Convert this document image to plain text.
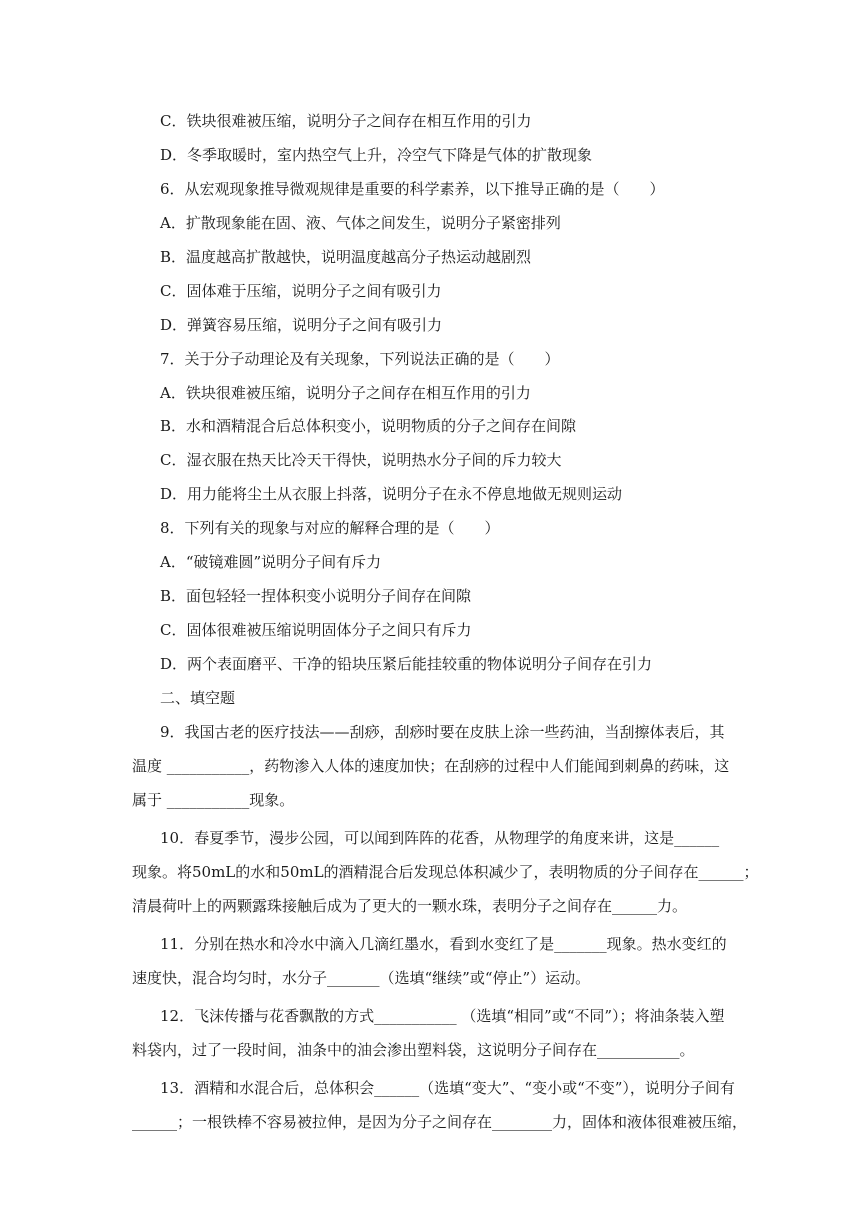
C．铁块很难被压缩，说明分子之间存在相互作用的引力
D．冬季取暖时，室内热空气上升，冷空气下降是气体的扩散现象
6．从宏观现象推导微观规律是重要的科学素养，以下推导正确的是（　　）
A．扩散现象能在固、液、气体之间发生，说明分子紧密排列
B．温度越高扩散越快，说明温度越高分子热运动越剧烈
C．固体难于压缩，说明分子之间有吸引力
D．弹簧容易压缩，说明分子之间有吸引力
7．关于分子动理论及有关现象，下列说法正确的是（　　）
A．铁块很难被压缩，说明分子之间存在相互作用的引力
B．水和酒精混合后总体积变小，说明物质的分子之间存在间隙
C．湿衣服在热天比冷天干得快，说明热水分子间的斥力较大
D．用力能将尘土从衣服上抖落，说明分子在永不停息地做无规则运动
8．下列有关的现象与对应的解释合理的是（　　）
A．“破镜难圆”说明分子间有斥力
B．面包轻轻一捏体积变小说明分子间存在间隙
C．固体很难被压缩说明固体分子之间只有斥力
D．两个表面磨平、干净的铅块压紧后能挂较重的物体说明分子间存在引力
二、填空题
9．我国古老的医疗技法——刮痧，刮痧时要在皮肤上涂一些药油，当刮擦体表后，其
温度 ___________，药物渗入人体的速度加快；在刮痧的过程中人们能闻到刺鼻的药味，这
属于 ___________现象。
10．春夏季节，漫步公园，可以闻到阵阵的花香，从物理学的角度来讲，这是______
现象。将50mL的水和50mL的酒精混合后发现总体积减少了，表明物质的分子间存在______；
清晨荷叶上的两颗露珠接触后成为了更大的一颗水珠，表明分子之间存在______力。
11．分别在热水和冷水中滴入几滴红墨水，看到水变红了是_______现象。热水变红的
速度快，混合均匀时，水分子_______（选填“继续”或“停止”）运动。
12．飞沫传播与花香飘散的方式___________ （选填“相同”或“不同”）；将油条装入塑
料袋内，过了一段时间，油条中的油会渗出塑料袋，这说明分子间存在___________。
13．酒精和水混合后，总体积会______（选填“变大”、“变小或“不变”），说明分子间有
______；一根铁棒不容易被拉伸，是因为分子之间存在________力，固体和液体很难被压缩，
